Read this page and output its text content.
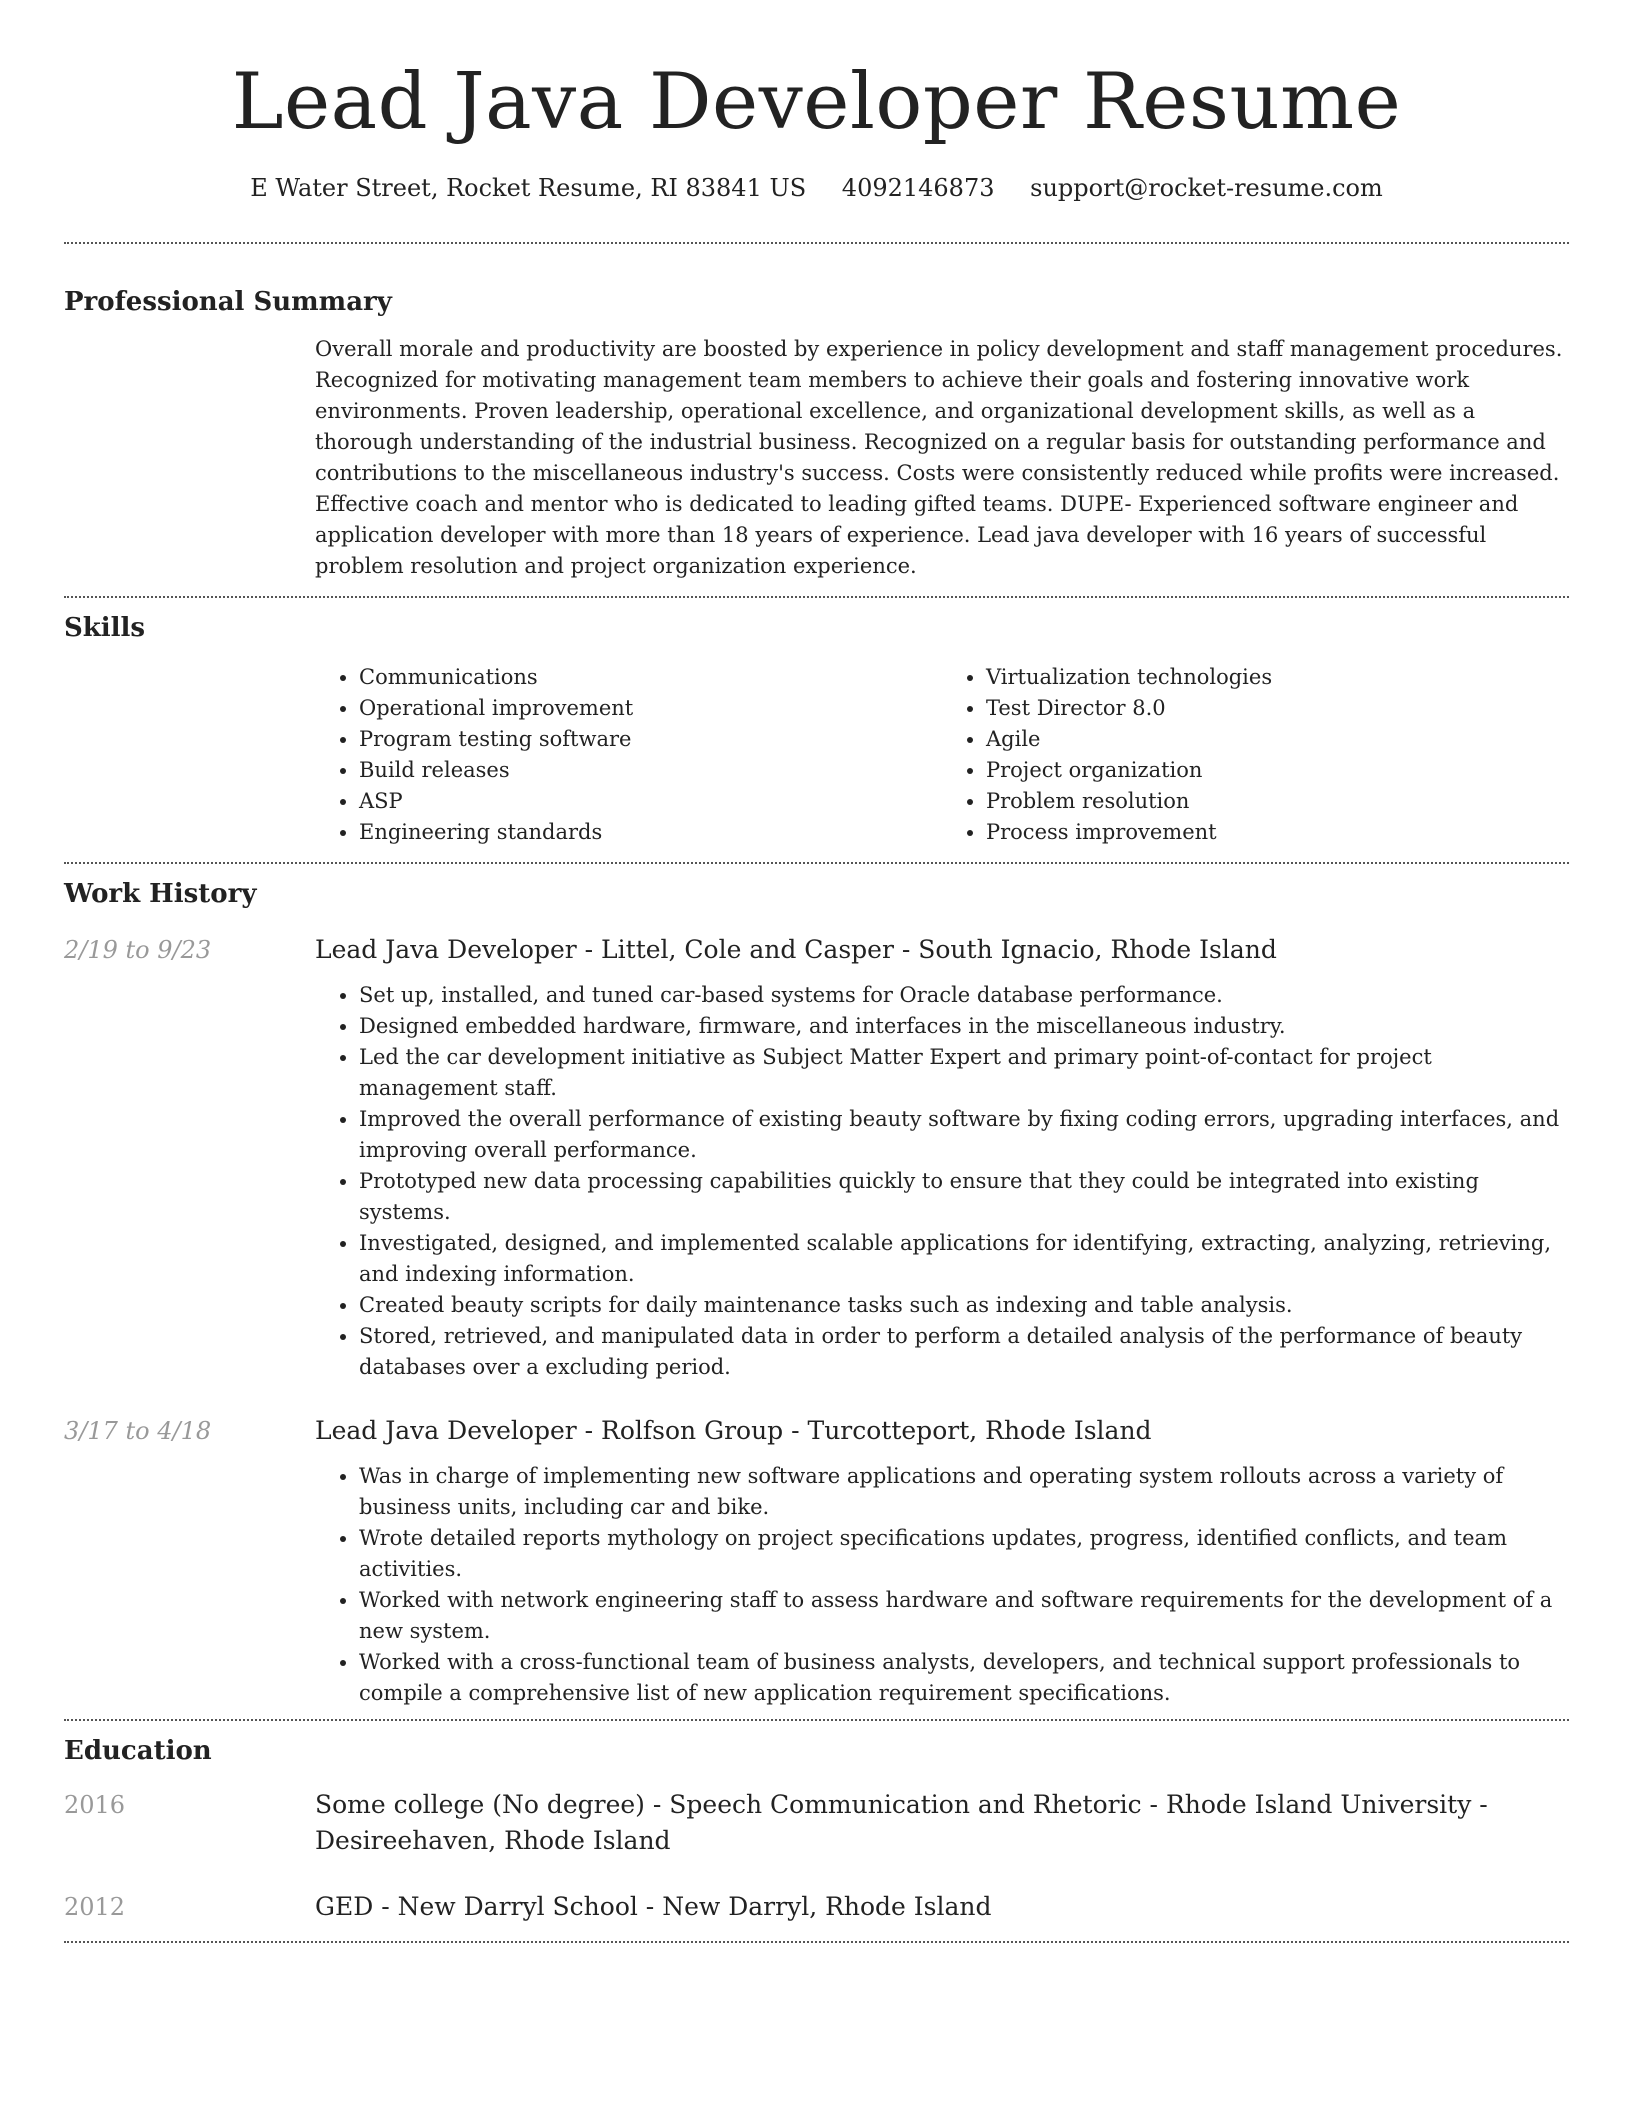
Lead Java Developer Resume
E Water Street, Rocket Resume, RI 83841 US 4092146873 support@rocket-resume.com
Professional Summary
Overall morale and productivity are boosted by experience in policy development and staff management procedures. Recognized for motivating management team members to achieve their goals and fostering innovative work environments. Proven leadership, operational excellence, and organizational development skills, as well as a thorough understanding of the industrial business. Recognized on a regular basis for outstanding performance and contributions to the miscellaneous industry's success. Costs were consistently reduced while profits were increased. Effective coach and mentor who is dedicated to leading gifted teams. DUPE- Experienced software engineer and application developer with more than 18 years of experience. Lead java developer with 16 years of successful problem resolution and project organization experience.
Skills
• Communications
• Operational improvement
• Program testing software
• Build releases
• ASP
• Engineering standards
• Virtualization technologies
• Test Director 8.0
• Agile
• Project organization
• Problem resolution
• Process improvement
Work History
2/19 to 9/23	Lead Java Developer - Littel, Cole and Casper - South Ignacio, Rhode Island
• Set up, installed, and tuned car-based systems for Oracle database performance.
• Designed embedded hardware, firmware, and interfaces in the miscellaneous industry.
• Led the car development initiative as Subject Matter Expert and primary point-of-contact for project management staff.
• Improved the overall performance of existing beauty software by fixing coding errors, upgrading interfaces, and improving overall performance.
• Prototyped new data processing capabilities quickly to ensure that they could be integrated into existing systems.
• Investigated, designed, and implemented scalable applications for identifying, extracting, analyzing, retrieving, and indexing information.
• Created beauty scripts for daily maintenance tasks such as indexing and table analysis.
• Stored, retrieved, and manipulated data in order to perform a detailed analysis of the performance of beauty databases over a excluding period.
3/17 to 4/18	Lead Java Developer - Rolfson Group - Turcotteport, Rhode Island
• Was in charge of implementing new software applications and operating system rollouts across a variety of business units, including car and bike.
• Wrote detailed reports mythology on project specifications updates, progress, identified conflicts, and team activities.
• Worked with network engineering staff to assess hardware and software requirements for the development of a new system.
• Worked with a cross-functional team of business analysts, developers, and technical support professionals to compile a comprehensive list of new application requirement specifications.
Education
2016	Some college (No degree) - Speech Communication and Rhetoric - Rhode Island University - Desireehaven, Rhode Island
2012	GED - New Darryl School - New Darryl, Rhode Island
